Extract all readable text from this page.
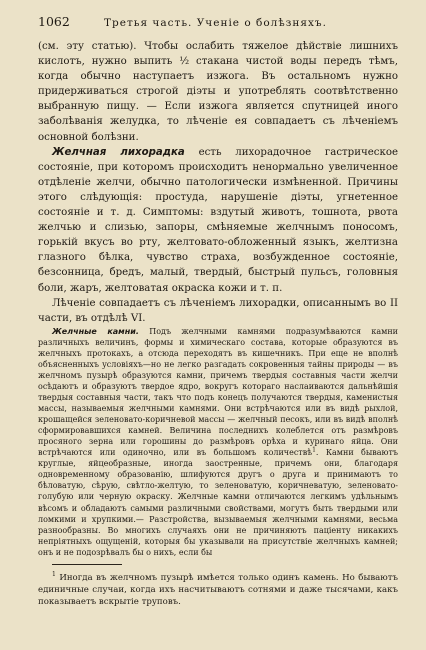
1062	Третья часть. Ученіе о болѣзняхъ.

(см. эту статью). Чтобы ослабить тяжелое дѣйствіе лишнихъ кислотъ, нужно выпить ½ стакана чистой воды передъ тѣмъ, когда обычно наступаетъ изжога. Въ остальномъ нужно придерживаться строгой діэты и употреблять соотвѣтственно выбранную пищу. — Если изжога является спутницей иного заболѣванія желудка, то лѣченіе ея совпадаетъ съ лѣченіемъ основной болѣзни.

Желчная лихорадка есть лихорадочное гастрическое состояніе, при которомъ происходитъ ненормально увеличенное отдѣленіе желчи, обычно патологически измѣненной. Причины этого слѣдующія: простуда, нарушеніе діэты, угнетенное состояніе и т. д. Симптомы: вздутый животъ, тошнота, рвота желчью и слизью, запоры, смѣняемые желчнымъ поносомъ, горькій вкусъ во рту, желтовато-обложенный языкъ, желтизна глазного бѣлка, чувство страха, возбужденное состояніе, безсонница, бредъ, малый, твердый, быстрый пульсъ, головныя боли, жаръ, желтоватая окраска кожи и т. п.

Лѣченіе совпадаетъ съ лѣченіемъ лихорадки, описаннымъ во II части, въ отдѣлѣ VI.

Желчные камни. Подъ желчными камнями подразумѣваются камни различныхъ величинъ, формы и химическаго состава, которые образуются въ желчныхъ протокахъ, а отсюда переходятъ въ кишечникъ. При еще не вполнѣ объясненныхъ условіяхъ—но не легко разгадать сокровенныя тайны природы — въ желчномъ пузырѣ образуются камни, причемъ твердыя составныя части желчи осѣдаютъ и образуютъ твердое ядро, вокругъ котораго наслаиваются дальнѣйшія твердыя составныя части, такъ что подъ конецъ получаются твердыя, каменистыя массы, называемыя желчными камнями. Они встрѣчаются или въ видѣ рыхлой, крошащейся зеленовато-коричневой массы — желчный песокъ, или въ видѣ вполнѣ сформировавшихся камней. Величина последнихъ колеблется отъ размѣровъ просяного зерна или горошины до размѣровъ орѣха и куринаго яйца. Они встрѣчаются или одиночно, или въ большомъ количествѣ$^1$. Камни бываютъ круглые, яйцеобразные, иногда заостренные, причемъ они, благодаря одновременному образованію, шлифуются другъ о друга и принимаютъ то бѣловатую, сѣрую, свѣтло-желтую, то зеленоватую, коричневатую, зеленовато-голубую или черную окраску. Желчные камни отличаются легкимъ удѣльнымъ вѣсомъ и обладаютъ самыми различными свойствами, могутъ быть твердыми или ломкими и хрупкими.— Разстройства, вызываемыя желчными камнями, весьма разнообразны. Во многихъ случаяхъ они не причиняютъ паціенту никакихъ непріятныхъ ощущеній, которыя бы указывали на присутствіе желчныхъ камней; онъ и не подозрѣвалъ бы о нихъ, если бы

$^1$ Иногда въ желчномъ пузырѣ имѣется только одинъ камень. Но бываютъ единичные случаи, когда ихъ насчитываютъ сотнями и даже тысячами, какъ показываетъ вскрытіе труповъ.
